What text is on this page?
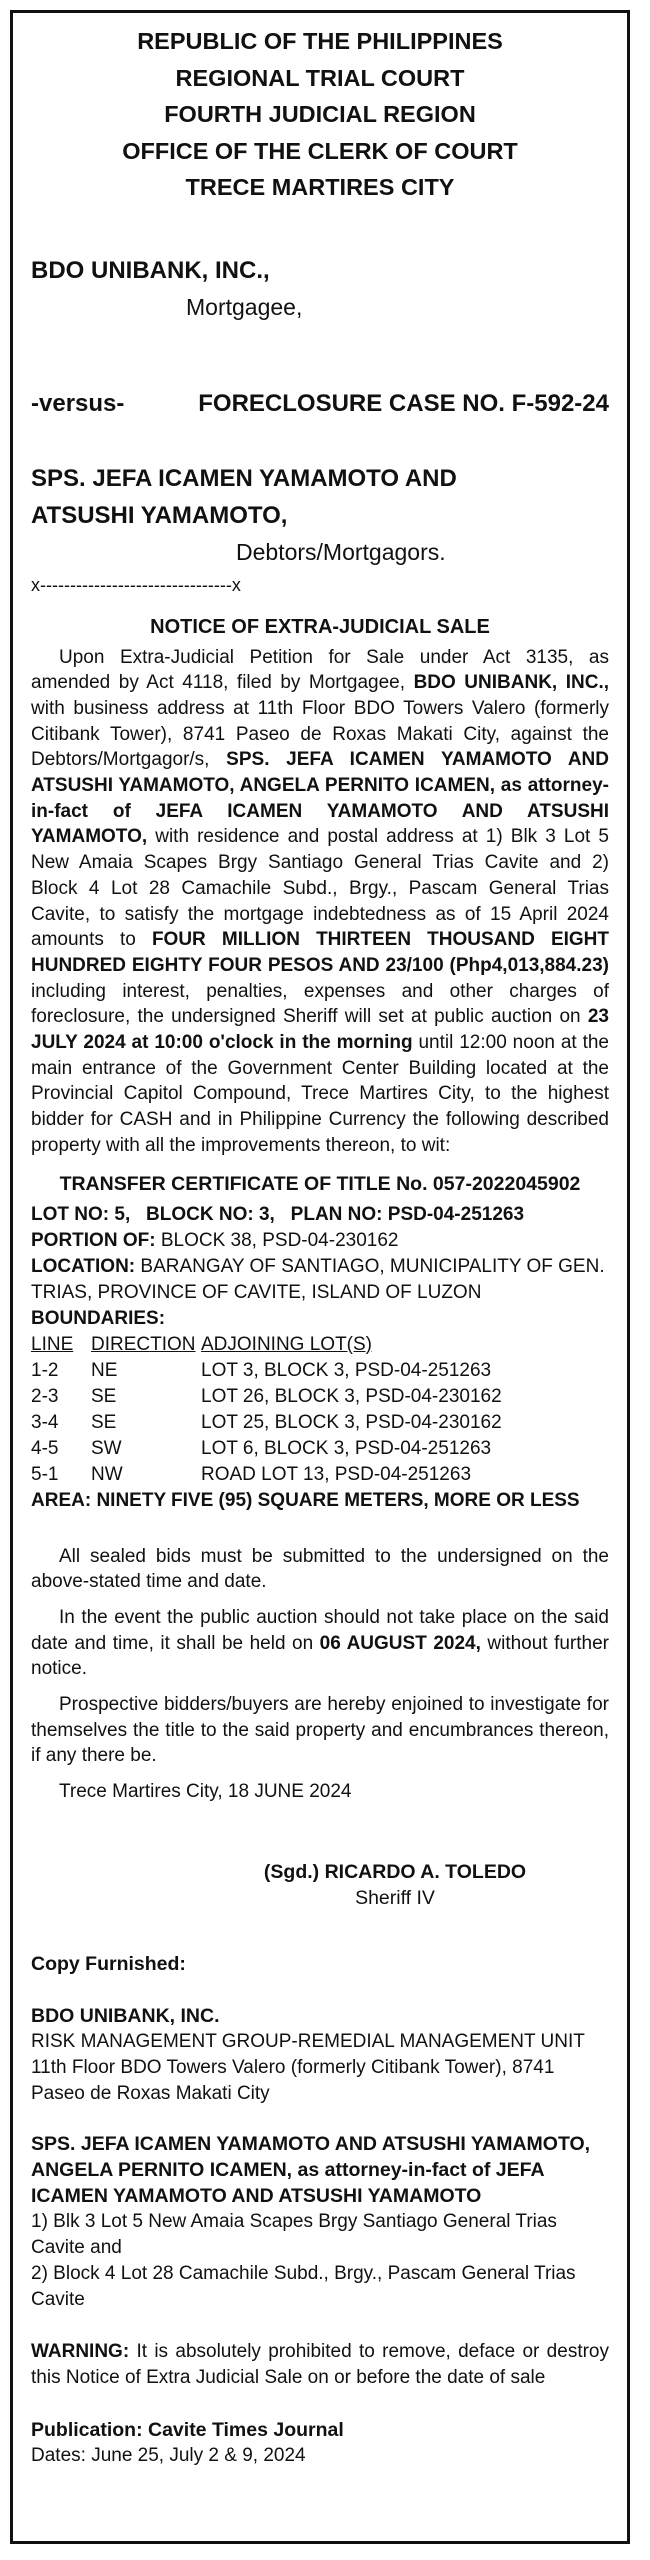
REPUBLIC OF THE PHILIPPINES
REGIONAL TRIAL COURT
FOURTH JUDICIAL REGION
OFFICE OF THE CLERK OF COURT
TRECE MARTIRES CITY
BDO UNIBANK, INC.,
Mortgagee,
-versus-	FORECLOSURE CASE NO. F-592-24
SPS. JEFA ICAMEN YAMAMOTO AND
ATSUSHI YAMAMOTO,
Debtors/Mortgagors.
x--------------------------------x
NOTICE OF EXTRA-JUDICIAL SALE

Upon Extra-Judicial Petition for Sale under Act 3135, as amended by Act 4118, filed by Mortgagee, BDO UNIBANK, INC., with business address at 11th Floor BDO Towers Valero (formerly Citibank Tower), 8741 Paseo de Roxas Makati City, against the Debtors/Mortgagor/s, SPS. JEFA ICAMEN YAMAMOTO AND ATSUSHI YAMAMOTO, ANGELA PERNITO ICAMEN, as attorney-in-fact of JEFA ICAMEN YAMAMOTO AND ATSUSHI YAMAMOTO, with residence and postal address at 1) Blk 3 Lot 5 New Amaia Scapes Brgy Santiago General Trias Cavite and 2) Block 4 Lot 28 Camachile Subd., Brgy., Pascam General Trias Cavite, to satisfy the mortgage indebtedness as of 15 April 2024 amounts to FOUR MILLION THIRTEEN THOUSAND EIGHT HUNDRED EIGHTY FOUR PESOS AND 23/100 (Php4,013,884.23) including interest, penalties, expenses and other charges of foreclosure, the undersigned Sheriff will set at public auction on 23 JULY 2024 at 10:00 o'clock in the morning until 12:00 noon at the main entrance of the Government Center Building located at the Provincial Capitol Compound, Trece Martires City, to the highest bidder for CASH and in Philippine Currency the following described property with all the improvements thereon, to wit:

TRANSFER CERTIFICATE OF TITLE No. 057-2022045902

LOT NO: 5,   BLOCK NO: 3,   PLAN NO: PSD-04-251263

PORTION OF: BLOCK 38, PSD-04-230162

LOCATION: BARANGAY OF SANTIAGO, MUNICIPALITY OF GEN. TRIAS, PROVINCE OF CAVITE, ISLAND OF LUZON

BOUNDARIES:

LINE	DIRECTION	ADJOINING LOT(S)
1-2	NE	LOT 3, BLOCK 3, PSD-04-251263
2-3	SE	LOT 26, BLOCK 3, PSD-04-230162
3-4	SE	LOT 25, BLOCK 3, PSD-04-230162
4-5	SW	LOT 6, BLOCK 3, PSD-04-251263
5-1	NW	ROAD LOT 13, PSD-04-251263

AREA: NINETY FIVE (95) SQUARE METERS, MORE OR LESS

All sealed bids must be submitted to the undersigned on the above-stated time and date.

In the event the public auction should not take place on the said date and time, it shall be held on 06 AUGUST 2024, without further notice.

Prospective bidders/buyers are hereby enjoined to investigate for themselves the title to the said property and encumbrances thereon, if any there be.

Trece Martires City, 18 JUNE 2024
(Sgd.) RICARDO A. TOLEDO
Sheriff IV
Copy Furnished:
BDO UNIBANK, INC.

RISK MANAGEMENT GROUP-REMEDIAL MANAGEMENT UNIT

11th Floor BDO Towers Valero (formerly Citibank Tower), 8741 Paseo de Roxas Makati City

SPS. JEFA ICAMEN YAMAMOTO AND ATSUSHI YAMAMOTO, ANGELA PERNITO ICAMEN, as attorney-in-fact of JEFA ICAMEN YAMAMOTO AND ATSUSHI YAMAMOTO

1) Blk 3 Lot 5 New Amaia Scapes Brgy Santiago General Trias Cavite and

2) Block 4 Lot 28 Camachile Subd., Brgy., Pascam General Trias Cavite

WARNING: It is absolutely prohibited to remove, deface or destroy this Notice of Extra Judicial Sale on or before the date of sale

Publication: Cavite Times Journal

Dates: June 25, July 2 & 9, 2024
